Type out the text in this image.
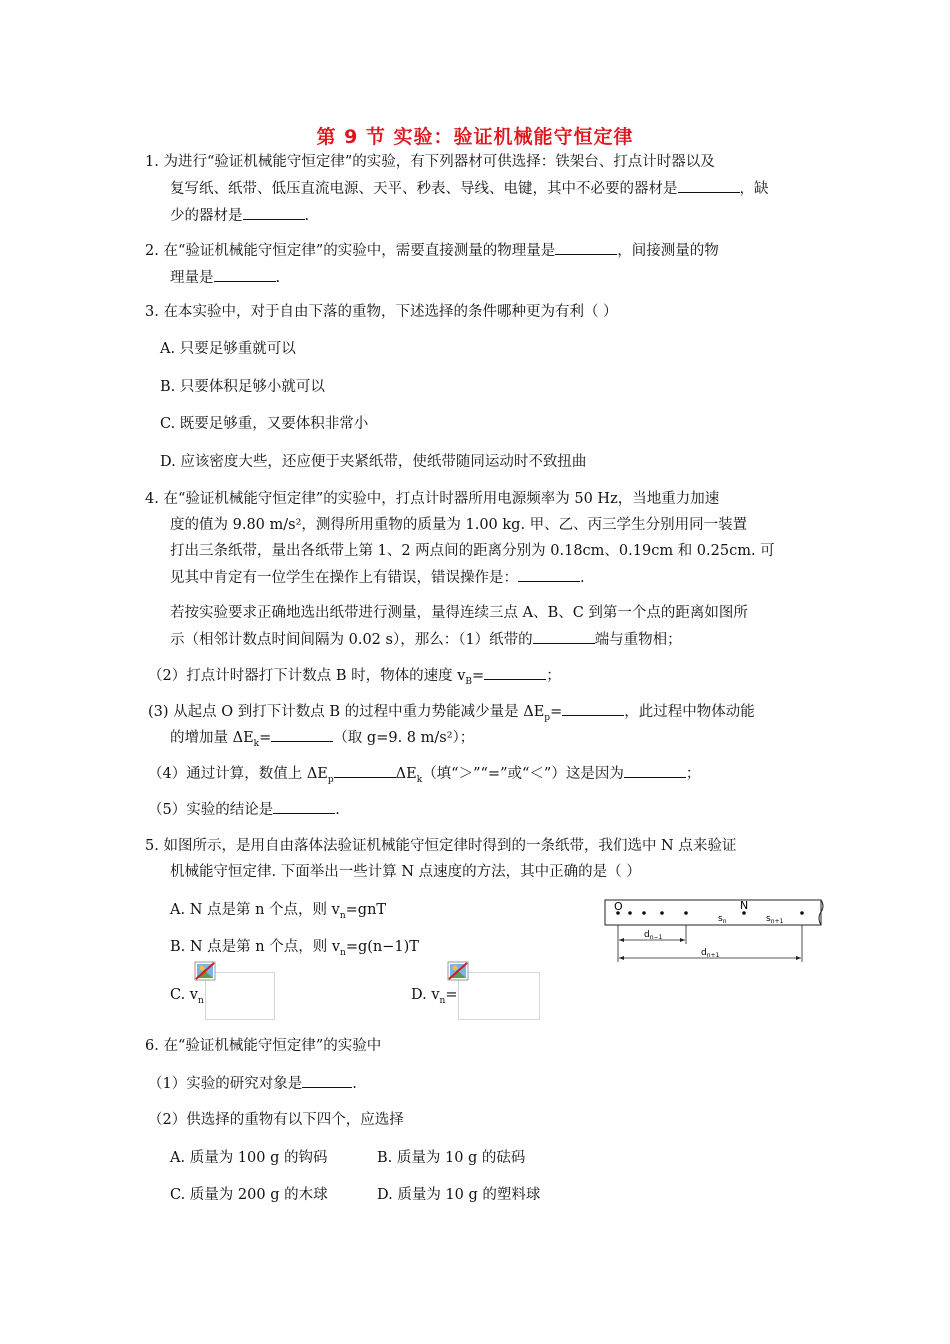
第 9 节 实验：验证机械能守恒定律
1. 为进行“验证机械能守恒定律”的实验，有下列器材可供选择：铁架台、打点计时器以及
复写纸、纸带、低压直流电源、天平、秒表、导线、电键，其中不必要的器材是	，缺
少的器材是	.
2. 在“验证机械能守恒定律”的实验中，需要直接测量的物理量是	，间接测量的物
理量是	.
3. 在本实验中，对于自由下落的重物，下述选择的条件哪种更为有利（ ）
A. 只要足够重就可以
B. 只要体积足够小就可以
C. 既要足够重，又要体积非常小
D. 应该密度大些，还应便于夹紧纸带，使纸带随同运动时不致扭曲
4. 在“验证机械能守恒定律”的实验中，打点计时器所用电源频率为 50 Hz，当地重力加速
度的值为 9.80 m/s²，测得所用重物的质量为 1.00 kg. 甲、乙、丙三学生分别用同一装置
打出三条纸带，量出各纸带上第 1、2 两点间的距离分别为 0.18cm、0.19cm 和 0.25cm. 可
见其中肯定有一位学生在操作上有错误，错误操作是：	.
若按实验要求正确地选出纸带进行测量，量得连续三点 A、B、C 到第一个点的距离如图所
示（相邻计数点时间间隔为 0.02 s），那么：（1）纸带的	端与重物相；
（2）打点计时器打下计数点 B 时，物体的速度 $v_B=$	；
(3) 从起点 O 到打下计数点 B 的过程中重力势能减少量是 $\Delta E_p=$	，此过程中物体动能
的增加量 $\Delta E_k=$	（取 g=9. 8 m/s²）；
（4）通过计算，数值上 $\Delta E_p$	$\Delta E_k$（填“＞”“=”或“＜”）这是因为	；
（5）实验的结论是	.
5. 如图所示，是用自由落体法验证机械能守恒定律时得到的一条纸带，我们选中 N 点来验证
机械能守恒定律. 下面举出一些计算 N 点速度的方法，其中正确的是（ ）
A. N 点是第 n 个点，则 $v_n=gnT$
B. N 点是第 n 个点，则 $v_n=g(n-1)T$
C. $v_n$	D. $v_n=$
O	N
$s_n$	$s_{n+1}$
$d_{n-1}$
$d_{n+1}$
6. 在“验证机械能守恒定律”的实验中
（1）实验的研究对象是	.
（2）供选择的重物有以下四个，应选择
A. 质量为 100 g 的钩码	B. 质量为 10 g 的砝码
C. 质量为 200 g 的木球	D. 质量为 10 g 的塑料球
